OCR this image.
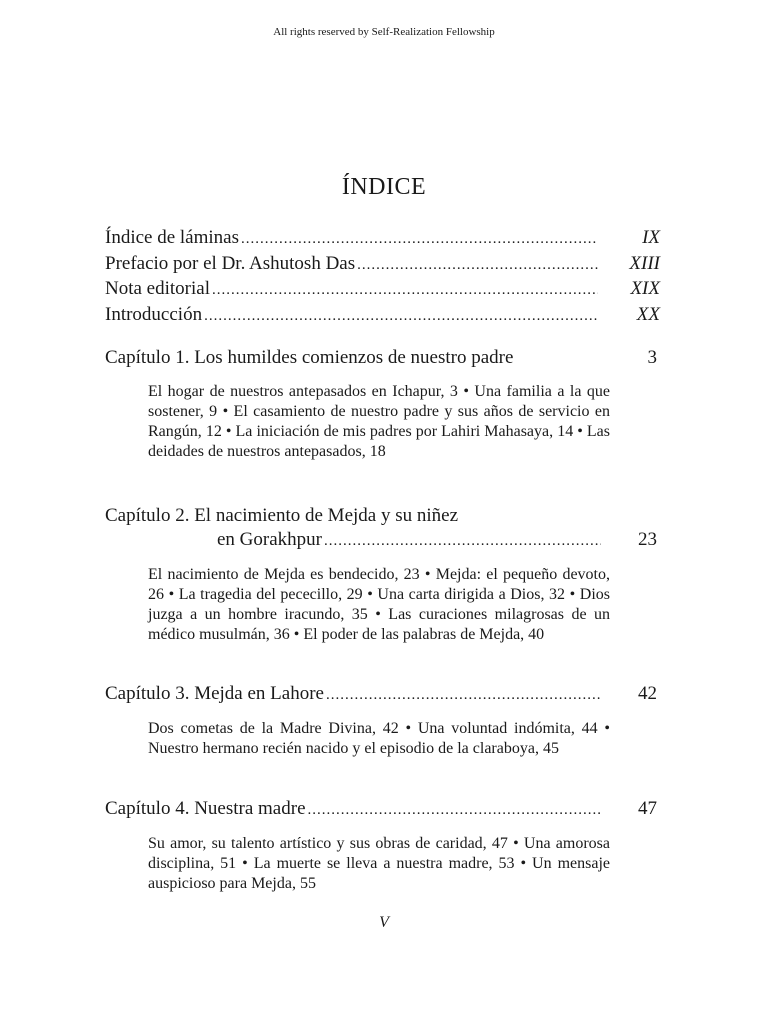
All rights reserved by Self-Realization Fellowship
ÍNDICE
Índice de láminas .....	IX
Prefacio por el Dr. Ashutosh Das .....	XIII
Nota editorial .....	XIX
Introducción .....	XX
Capítulo 1. Los humildes comienzos de nuestro padre	3
El hogar de nuestros antepasados en Ichapur, 3 • Una familia a la que sostener, 9 • El casamiento de nuestro padre y sus años de servicio en Rangún, 12 • La iniciación de mis padres por Lahiri Mahasaya, 14 • Las deidades de nuestros antepasados, 18
Capítulo 2. El nacimiento de Mejda y su niñez
en Gorakhpur .....	23
El nacimiento de Mejda es bendecido, 23 • Mejda: el pequeño devoto, 26 • La tragedia del pececillo, 29 • Una carta dirigida a Dios, 32 • Dios juzga a un hombre iracundo, 35 • Las curaciones milagrosas de un médico musulmán, 36 • El poder de las palabras de Mejda, 40
Capítulo 3. Mejda en Lahore .....	42
Dos cometas de la Madre Divina, 42 • Una voluntad indómita, 44 • Nuestro hermano recién nacido y el episodio de la claraboya, 45
Capítulo 4. Nuestra madre .....	47
Su amor, su talento artístico y sus obras de caridad, 47 • Una amorosa disciplina, 51 • La muerte se lleva a nuestra madre, 53 • Un mensaje auspicioso para Mejda, 55
V
